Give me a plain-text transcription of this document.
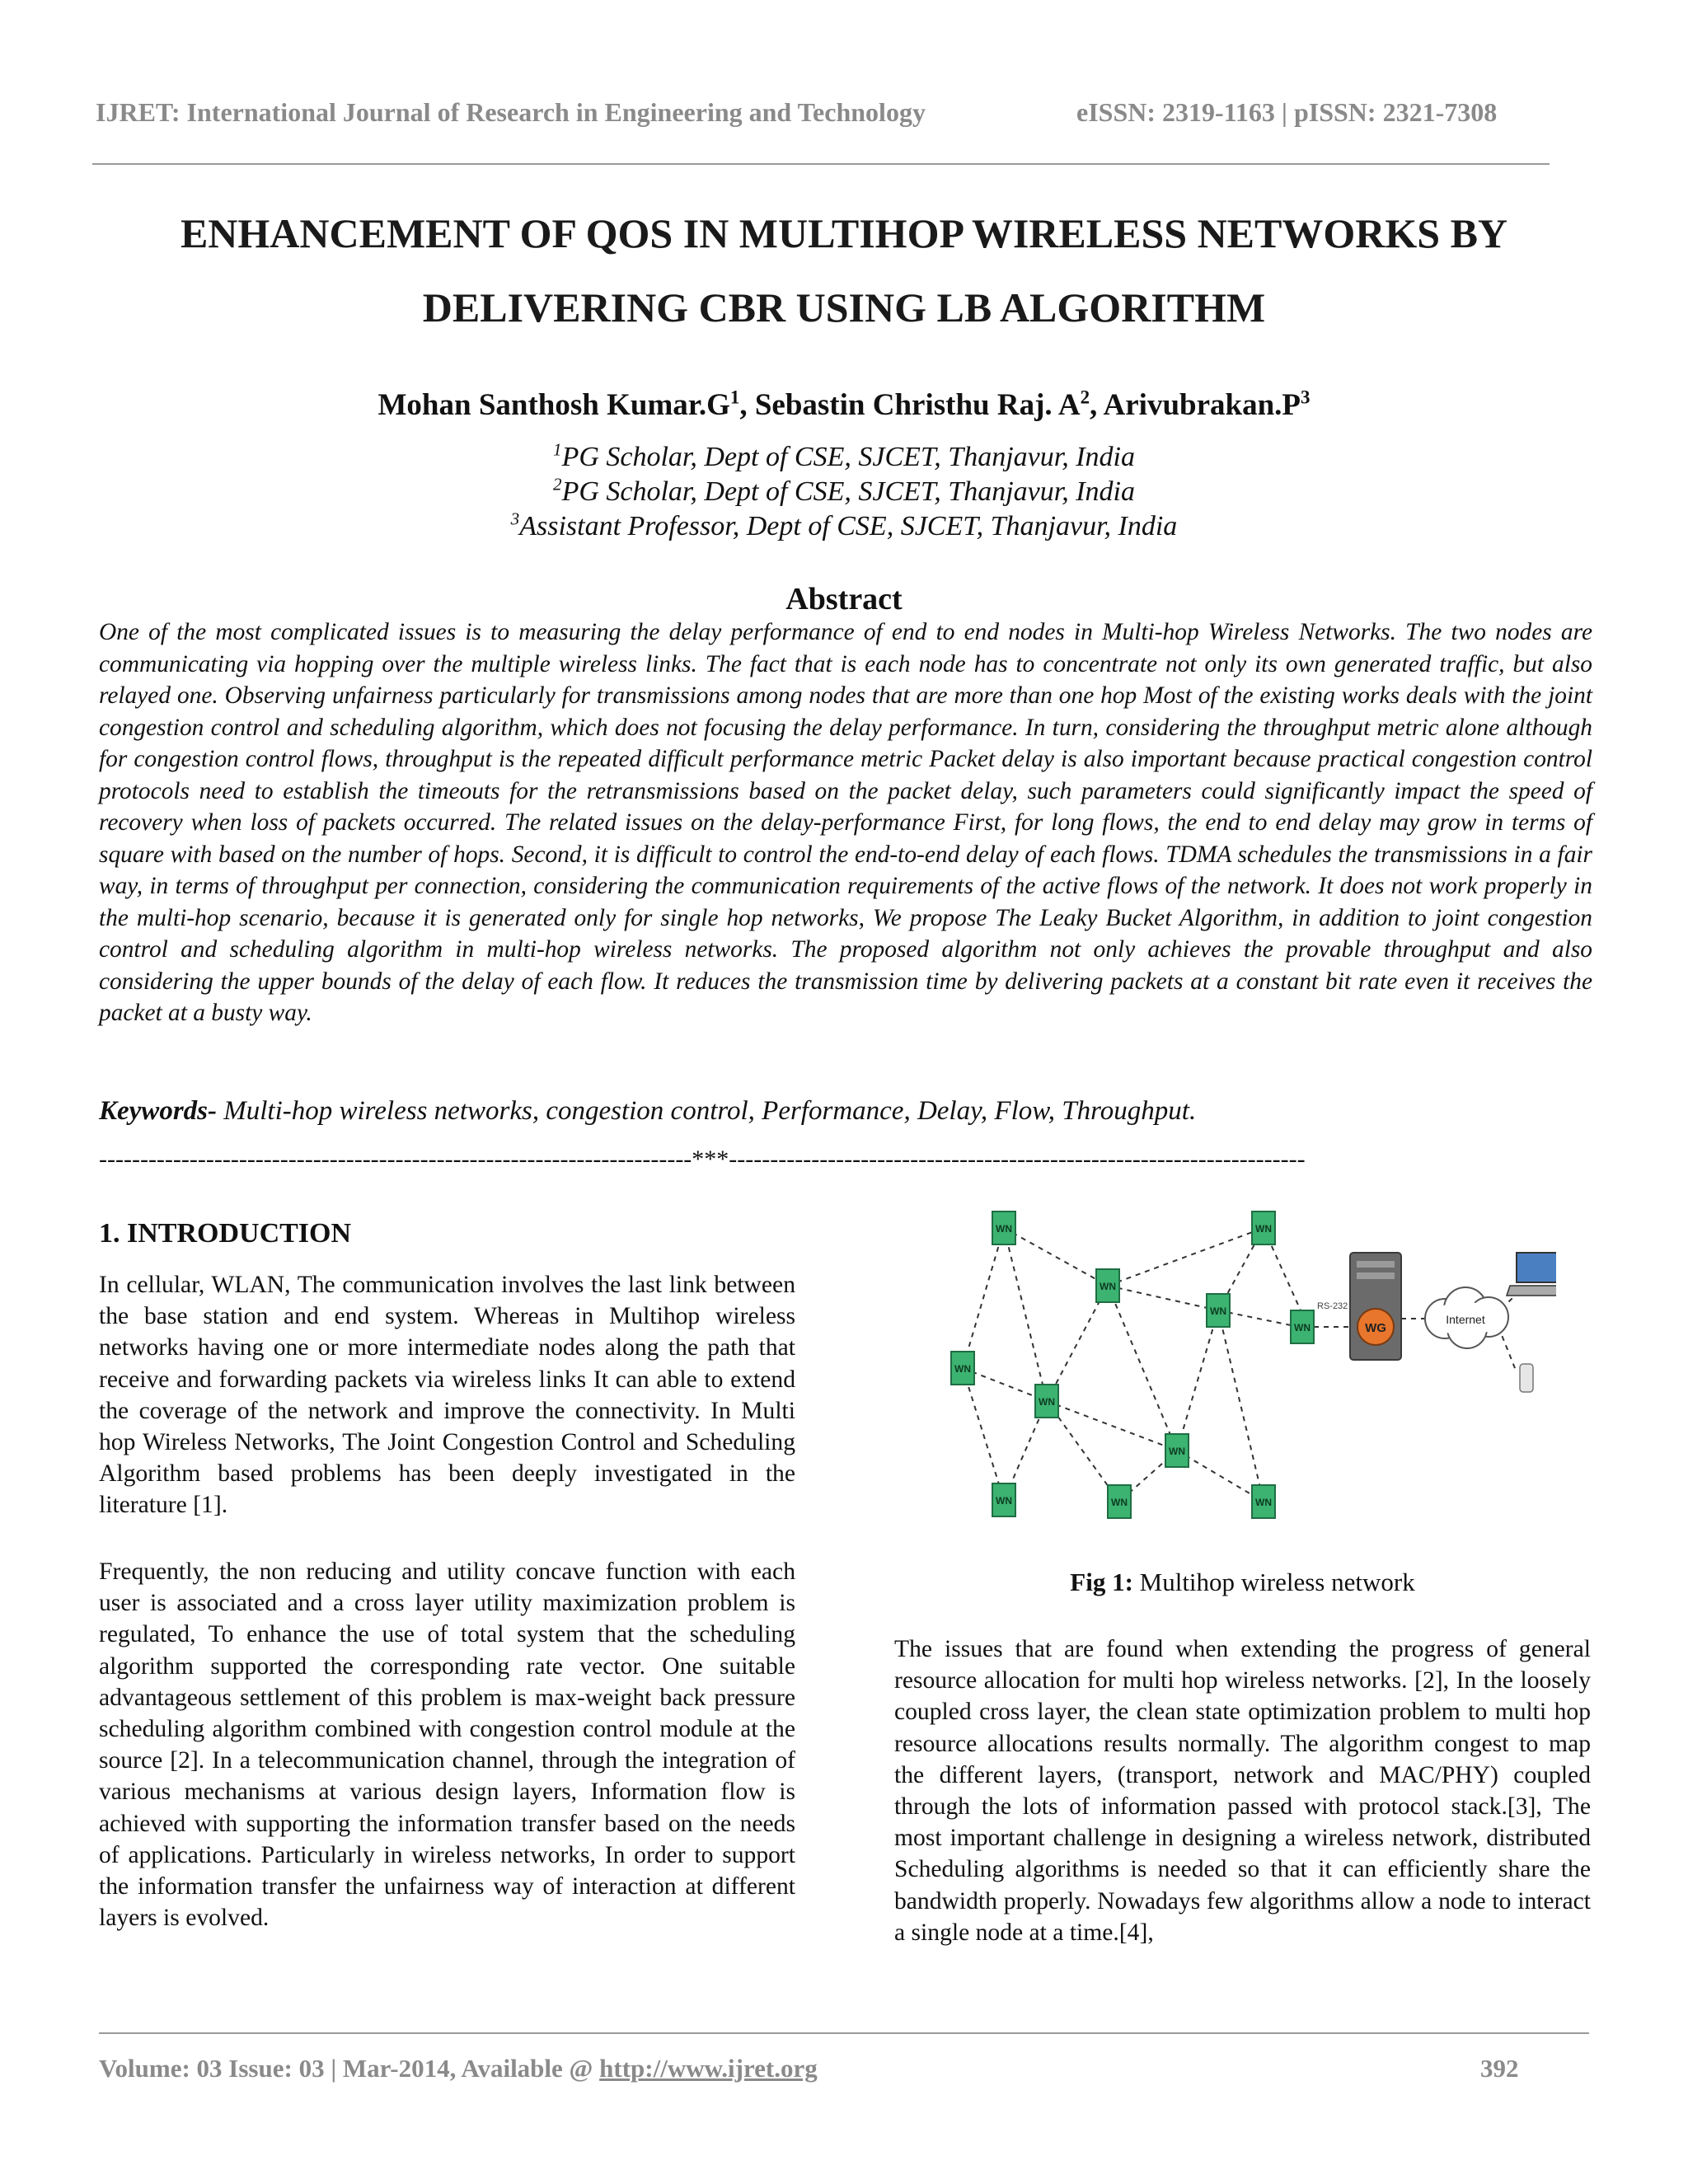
IJRET: International Journal of Research in Engineering and Technology	eISSN: 2319-1163 | pISSN: 2321-7308
ENHANCEMENT OF QOS IN MULTIHOP WIRELESS NETWORKS BY
DELIVERING CBR USING LB ALGORITHM
Mohan Santhosh $Kumar.G^1$, Sebastin Christhu Raj. $A^2$, $Arivubrakan.P^3$
$^1$PG Scholar, Dept of CSE, SJCET, Thanjavur, India
$^2$PG Scholar, Dept of CSE, SJCET, Thanjavur, India
$^3$Assistant Professor, Dept of CSE, SJCET, Thanjavur, India
Abstract
One of the most complicated issues is to measuring the delay performance of end to end nodes in Multi-hop Wireless Networks. The two nodes are communicating via hopping over the multiple wireless links. The fact that is each node has to concentrate not only its own generated traffic, but also relayed one. Observing unfairness particularly for transmissions among nodes that are more than one hop Most of the existing works deals with the joint congestion control and scheduling algorithm, which does not focusing the delay performance. In turn, considering the throughput metric alone although for congestion control flows, throughput is the repeated difficult performance metric Packet delay is also important because practical congestion control protocols need to establish the timeouts for the retransmissions based on the packet delay, such parameters could significantly impact the speed of recovery when loss of packets occurred. The related issues on the delay-performance First, for long flows, the end to end delay may grow in terms of square with based on the number of hops. Second, it is difficult to control the end-to-end delay of each flows. TDMA schedules the transmissions in a fair way, in terms of throughput per connection, considering the communication requirements of the active flows of the network. It does not work properly in the multi-hop scenario, because it is generated only for single hop networks, We propose The Leaky Bucket Algorithm, in addition to joint congestion control and scheduling algorithm in multi-hop wireless networks. The proposed algorithm not only achieves the provable throughput and also considering the upper bounds of the delay of each flow. It reduces the transmission time by delivering packets at a constant bit rate even it receives the packet at a busty way.
Keywords- Multi-hop wireless networks, congestion control, Performance, Delay, Flow, Throughput.
------------------------------------------------------------------------***----------------------------------------------------------------------
1. INTRODUCTION
In cellular, WLAN, The communication involves the last link between the base station and end system. Whereas in Multihop wireless networks having one or more intermediate nodes along the path that receive and forwarding packets via wireless links It can able to extend the coverage of the network and improve the connectivity. In Multi hop Wireless Networks, The Joint Congestion Control and Scheduling Algorithm based problems has been deeply investigated in the literature [1].
Frequently, the non reducing and utility concave function with each user is associated and a cross layer utility maximization problem is regulated, To enhance the use of total system that the scheduling algorithm supported the corresponding rate vector. One suitable advantageous settlement of this problem is max-weight back pressure scheduling algorithm combined with congestion control module at the source [2]. In a telecommunication channel, through the integration of various mechanisms at various design layers, Information flow is achieved with supporting the information transfer based on the needs of applications. Particularly in wireless networks, In order to support the information transfer the unfairness way of interaction at different layers is evolved.
WN
WN
WN
WN
WN
WN
WN
WN	WN	WN
WN
RS-232
WG
Internet
Fig 1: Multihop wireless network
The issues that are found when extending the progress of general resource allocation for multi hop wireless networks. [2], In the loosely coupled cross layer, the clean state optimization problem to multi hop resource allocations results normally. The algorithm congest to map the different layers, (transport, network and MAC/PHY) coupled through the lots of information passed with protocol stack.[3], The most important challenge in designing a wireless network, distributed Scheduling algorithms is needed so that it can efficiently share the bandwidth properly. Nowadays few algorithms allow a node to interact a single node at a time.[4],
Volume: 03 Issue: 03 | Mar-2014, Available @ http://www.ijret.org	392
